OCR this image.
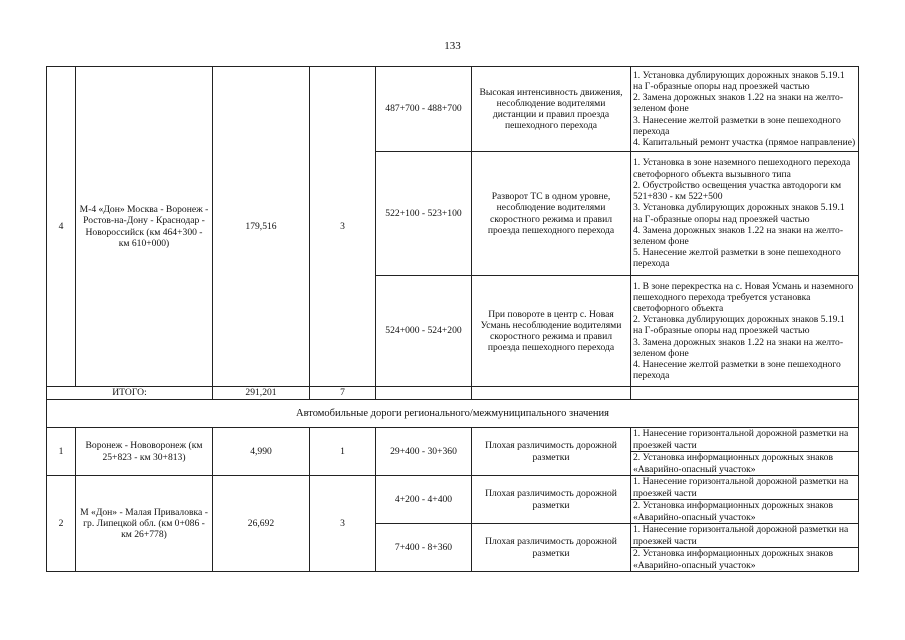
133
4	М-4 «Дон» Москва - Воронеж - Ростов-на-Дону - Краснодар - Новороссийск (км 464+300 - км 610+000)	179,516	3	487+700 - 488+700	Высокая интенсивность движения, несоблюдение водителями дистанции и правил проезда пешеходного перехода	1. Установка дублирующих дорожных знаков 5.19.1 на Г-образные опоры над проезжей частью
2. Замена дорожных знаков 1.22 на знаки на желто-зеленом фоне
3. Нанесение желтой разметки в зоне пешеходного перехода
4. Капитальный ремонт участка (прямое направление)

				522+100 - 523+100	Разворот ТС в одном уровне, несоблюдение водителями скоростного режима и правил проезда пешеходного перехода	1. Установка в зоне наземного пешеходного перехода светофорного объекта вызывного типа
2. Обустройство освещения участка автодороги км 521+830 - км 522+500
3. Установка дублирующих дорожных знаков 5.19.1 на Г-образные опоры над проезжей частью
4. Замена дорожных знаков 1.22 на знаки на желто-зеленом фоне
5. Нанесение желтой разметки в зоне пешеходного перехода

				524+000 - 524+200	При повороте в центр с. Новая Усмань несоблюдение водителями скоростного режима и правил проезда пешеходного перехода	1. В зоне перекрестка на с. Новая Усмань и наземного пешеходного перехода требуется установка светофорного объекта
2. Установка дублирующих дорожных знаков 5.19.1 на Г-образные опоры над проезжей частью
3. Замена дорожных знаков 1.22 на знаки на желто-зеленом фоне
4. Нанесение желтой разметки в зоне пешеходного перехода

ИТОГО:		291,201	7			
Автомобильные дороги регионального/межмуниципального значения						
1	Воронеж - Нововоронеж (км 25+823 - км 30+813)	4,990	1	29+400 - 30+360	Плохая различимость дорожной разметки	1. Нанесение горизонтальной дорожной разметки на проезжей части
						2. Установка информационных дорожных знаков «Аварийно-опасный участок»
2	М «Дон» - Малая Приваловка - гр. Липецкой обл. (км 0+086 - км 26+778)	26,692	3	4+200 - 4+400	Плохая различимость дорожной разметки	1. Нанесение горизонтальной дорожной разметки на проезжей части
						2. Установка информационных дорожных знаков «Аварийно-опасный участок»
				7+400 - 8+360	Плохая различимость дорожной разметки	1. Нанесение горизонтальной дорожной разметки на проезжей части
						2. Установка информационных дорожных знаков «Аварийно-опасный участок»
